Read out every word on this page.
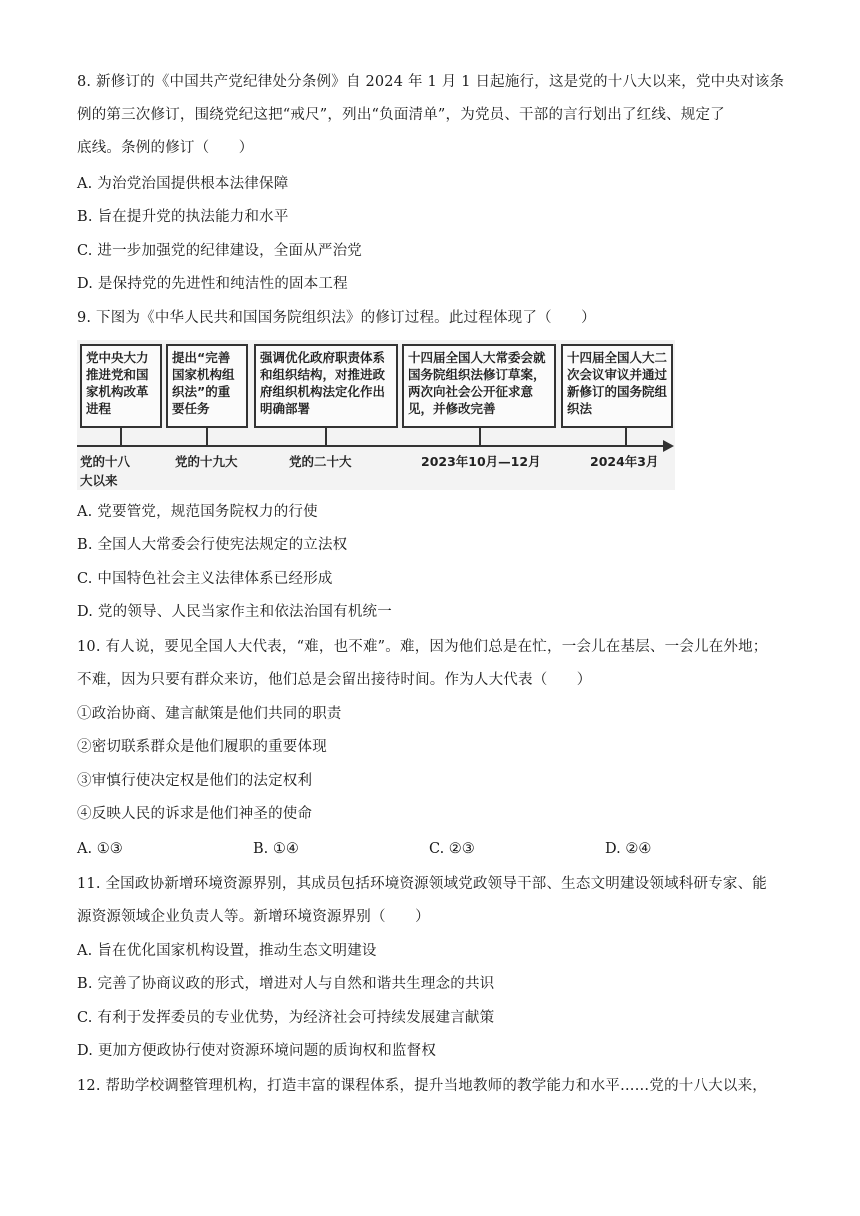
8. 新修订的《中国共产党纪律处分条例》自 2024 年 1 月 1 日起施行，这是党的十八大以来，党中央对该条
例的第三次修订，围绕党纪这把“戒尺”，列出“负面清单”，为党员、干部的言行划出了红线、规定了
底线。条例的修订（　　）
A. 为治党治国提供根本法律保障
B. 旨在提升党的执法能力和水平
C. 进一步加强党的纪律建设，全面从严治党
D. 是保持党的先进性和纯洁性的固本工程
9. 下图为《中华人民共和国国务院组织法》的修订过程。此过程体现了（　　）
党中央大力推进党和国家机构改革进程
提出“完善国家机构组织法”的重要任务
强调优化政府职责体系和组织结构，对推进政府组织机构法定化作出明确部署
十四届全国人大常委会就国务院组织法修订草案，两次向社会公开征求意见，并修改完善
十四届全国人大二次会议审议并通过新修订的国务院组织法
党的十八大以来
党的十九大	党的二十大	2023年10月—12月	2024年3月
A. 党要管党，规范国务院权力的行使
B. 全国人大常委会行使宪法规定的立法权
C. 中国特色社会主义法律体系已经形成
D. 党的领导、人民当家作主和依法治国有机统一
10. 有人说，要见全国人大代表，“难，也不难”。难，因为他们总是在忙，一会儿在基层、一会儿在外地；
不难，因为只要有群众来访，他们总是会留出接待时间。作为人大代表（　　）
①政治协商、建言献策是他们共同的职责
②密切联系群众是他们履职的重要体现
③审慎行使决定权是他们的法定权利
④反映人民的诉求是他们神圣的使命
A. ①③	B. ①④	C. ②③	D. ②④
11. 全国政协新增环境资源界别，其成员包括环境资源领域党政领导干部、生态文明建设领域科研专家、能
源资源领域企业负责人等。新增环境资源界别（　　）
A. 旨在优化国家机构设置，推动生态文明建设
B. 完善了协商议政的形式，增进对人与自然和谐共生理念的共识
C. 有利于发挥委员的专业优势，为经济社会可持续发展建言献策
D. 更加方便政协行使对资源环境问题的质询权和监督权
12. 帮助学校调整管理机构，打造丰富的课程体系，提升当地教师的教学能力和水平……党的十八大以来，
